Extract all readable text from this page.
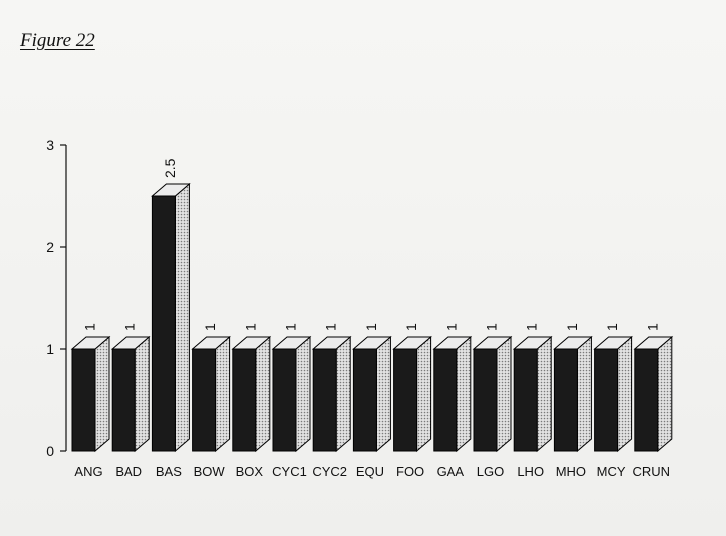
Figure 22
0
1
2
3
1
ANG
1
BAD
2.5
BAS
1
BOW
1
BOX
1
CYC1
1
CYC2
1
EQU
1
FOO
1
GAA
1
LGO
1
LHO
1
MHO
1
MCY
1
CRUN
